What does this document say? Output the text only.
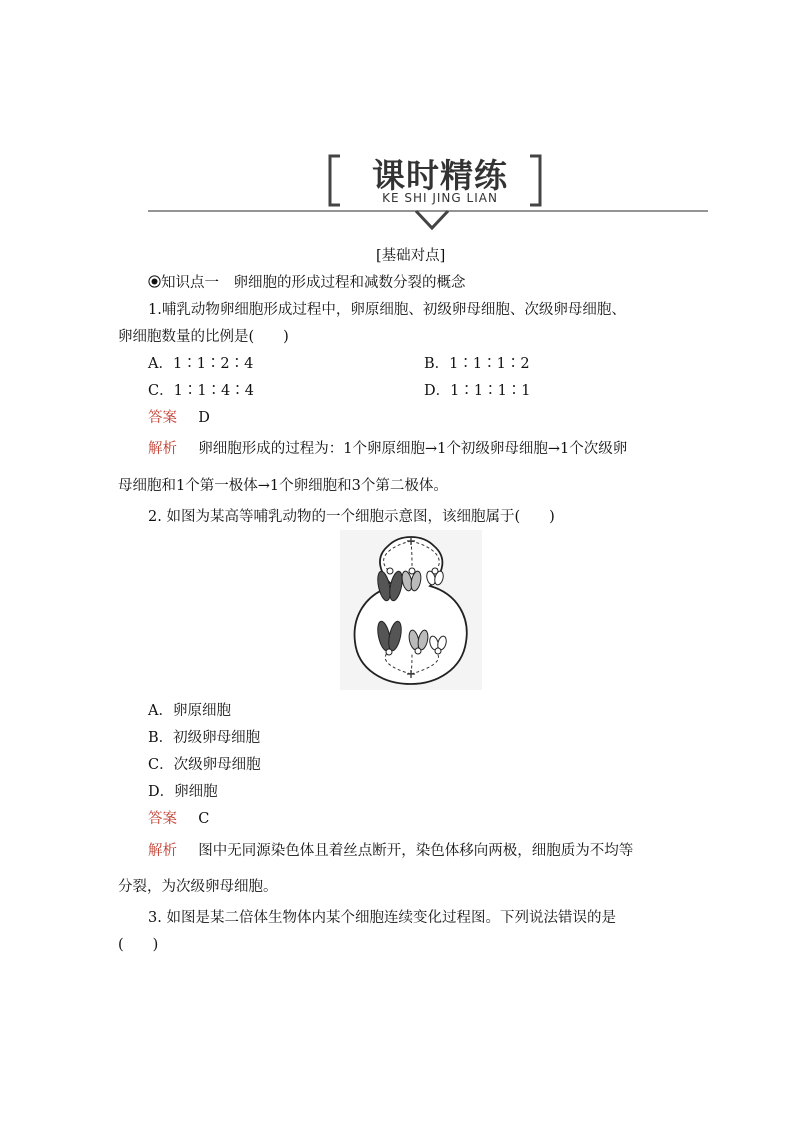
课时精练
KE SHI JING LIAN
[基础对点]
知识点一　卵细胞的形成过程和减数分裂的概念
1.哺乳动物卵细胞形成过程中，卵原细胞、初级卵母细胞、次级卵母细胞、
卵细胞数量的比例是(　　)
A．1∶1∶2∶4	B．1∶1∶1∶2
C．1∶1∶4∶4	D．1∶1∶1∶1
答案 D
解析 卵细胞形成的过程为：1个卵原细胞→1个初级卵母细胞→1个次级卵
母细胞和1个第一极体→1个卵细胞和3个第二极体。
2. 如图为某高等哺乳动物的一个细胞示意图，该细胞属于(　　)
A．卵原细胞
B．初级卵母细胞
C．次级卵母细胞
D．卵细胞
答案 C
解析 图中无同源染色体且着丝点断开，染色体移向两极，细胞质为不均等
分裂，为次级卵母细胞。
3. 如图是某二倍体生物体内某个细胞连续变化过程图。下列说法错误的是
(　　)
